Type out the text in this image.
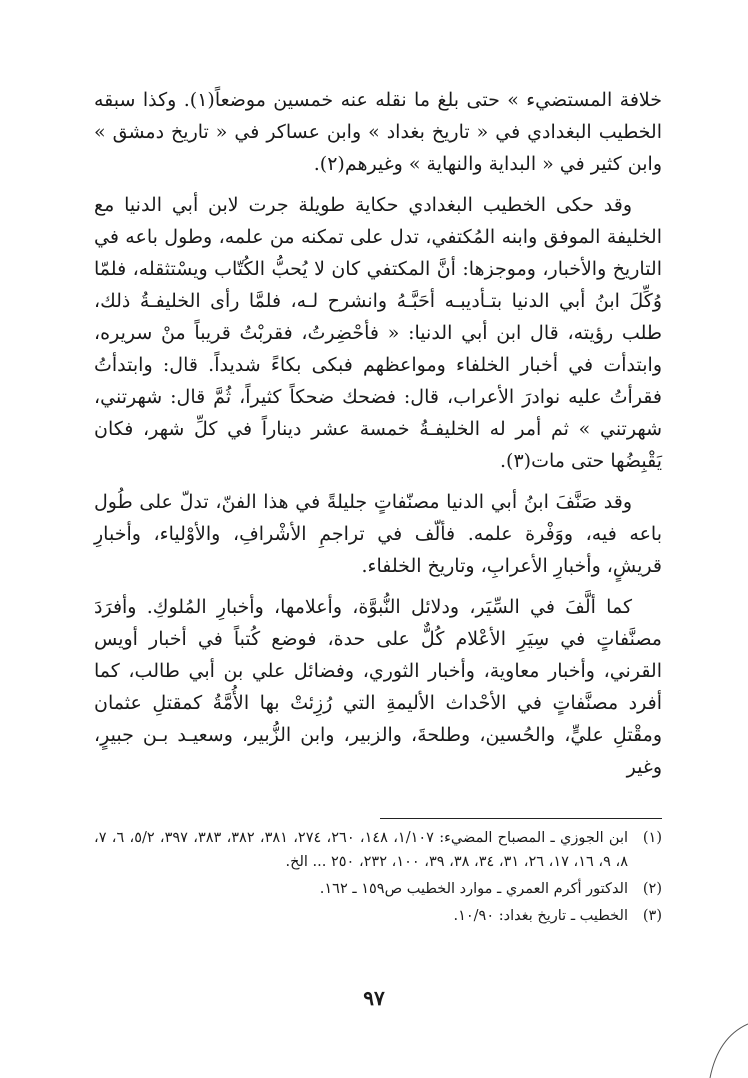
خلافة المستضيء » حتى بلغ ما نقله عنه خمسين موضعاً(١). وكذا سبقه الخطيب البغدادي في « تاريخ بغداد » وابن عساكر في « تاريخ دمشق » وابن كثير في « البداية والنهاية » وغيرهم(٢).

وقد حكى الخطيب البغدادي حكاية طويلة جرت لابن أبي الدنيا مع الخليفة الموفق وابنه المُكتفي، تدل على تمكنه من علمه، وطول باعه في التاريخ والأخبار، وموجزها: أنَّ المكتفي كان لا يُحبُّ الكُتّاب ويسْتثقله، فلمّا وُكِّلَ ابنُ أبي الدنيا بتـأديبـه أحَبَّـهُ وانشرح لـه، فلمَّا رأى الخليفـةُ ذلك، طلب رؤيته، قال ابن أبي الدنيا: « فأحْضِرتُ، فقربْتُ قريباً منْ سريره، وابتدأت في أخبار الخلفاء ومواعظهم فبكى بكاءً شديداً. قال: وابتدأتُ فقرأتُ عليه نوادرَ الأعراب، قال: فضحك ضحكاً كثيراً، ثُمَّ قال: شهرتني، شهرتني » ثم أمر له الخليفـةُ خمسة عشر ديناراً في كلِّ شهر، فكان يَقْبِضُها حتى مات(٣).

وقد صَنَّفَ ابنُ أبي الدنيا مصنّفاتٍ جليلةً في هذا الفنّ، تدلّ على طُول باعه فيه، ووَفْرة علمه. فألّف في تراجمِ الأشْرافِ، والأوْلياء، وأخبارِ قريشٍ، وأخبارِ الأعرابِ، وتاريخ الخلفاء.

كما ألَّفَ في السِّيَر، ودلائل النُّبوَّة، وأعلامها، وأخبارِ المُلوكِ. وأفرَدَ مصنَّفاتٍ في سِيَرِ الأعْلام كُلٌّ على حدة، فوضع كُتباً في أخبار أويس القرني، وأخبار معاوية، وأخبار الثوري، وفضائل علي بن أبي طالب، كما أفرد مصنَّفاتٍ في الأحْداث الأليمةِ التي رُزِئتْ بها الأُمَّةُ كمقتلِ عثمان ومقْتلِ عليٍّ، والحُسين، وطلحةَ، والزبير، وابن الزُّبير، وسعيـد بـن جبيرٍ، وغير

(١)
ابن الجوزي ـ المصباح المضيء: ١/١٠٧، ١٤٨، ٢٦٠، ٢٧٤، ٣٨١، ٣٨٢، ٣٨٣، ٣٩٧، ٥/٢، ٦، ٧، ٨، ٩، ١٦، ١٧، ٢٦، ٣١، ٣٤، ٣٨، ٣٩، ١٠٠، ٢٣٢، ٢٥٠ ... الخ.
(٢)
الدكتور أكرم العمري ـ موارد الخطيب ص١٥٩ ـ ١٦٢.
(٣)
الخطيب ـ تاريخ بغداد: ١٠/٩٠.
٩٧
